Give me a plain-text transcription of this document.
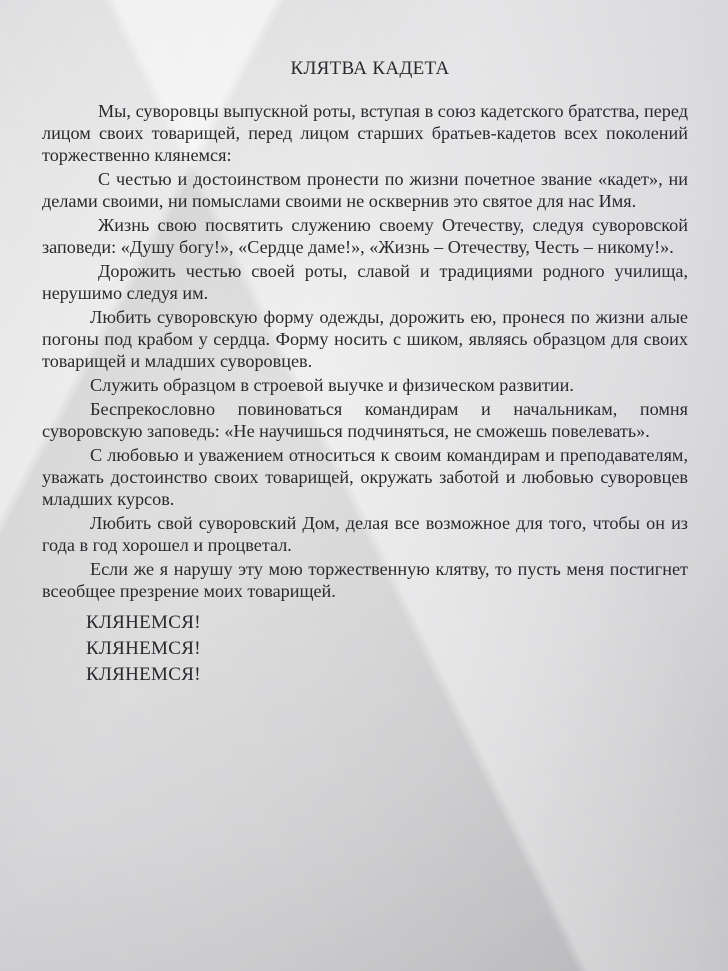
КЛЯТВА КАДЕТА

Мы, суворовцы выпускной роты, вступая в союз кадетского братства, перед лицом своих товарищей, перед лицом старших братьев-кадетов всех поколений торжественно клянемся:

С честью и достоинством пронести по жизни почетное звание «кадет», ни делами своими, ни помыслами своими не осквернив это святое для нас Имя.

Жизнь свою посвятить служению своему Отечеству, следуя суворовской заповеди: «Душу богу!», «Сердце даме!», «Жизнь – Отечеству, Честь – никому!».

Дорожить честью своей роты, славой и традициями родного училища, нерушимо следуя им.

Любить суворовскую форму одежды, дорожить ею, пронеся по жизни алые погоны под крабом у сердца. Форму носить с шиком, являясь образцом для своих товарищей и младших суворовцев.

Служить образцом в строевой выучке и физическом развитии.

Беспрекословно повиноваться командирам и начальникам, помня суворовскую заповедь: «Не научишься подчиняться, не сможешь повелевать».

С любовью и уважением относиться к своим командирам и преподавателям, уважать достоинство своих товарищей, окружать заботой и любовью суворовцев младших курсов.

Любить свой суворовский Дом, делая все возможное для того, чтобы он из года в год хорошел и процветал.

Если же я нарушу эту мою торжественную клятву, то пусть меня постигнет всеобщее презрение моих товарищей.

КЛЯНЕМСЯ!
КЛЯНЕМСЯ!
КЛЯНЕМСЯ!
